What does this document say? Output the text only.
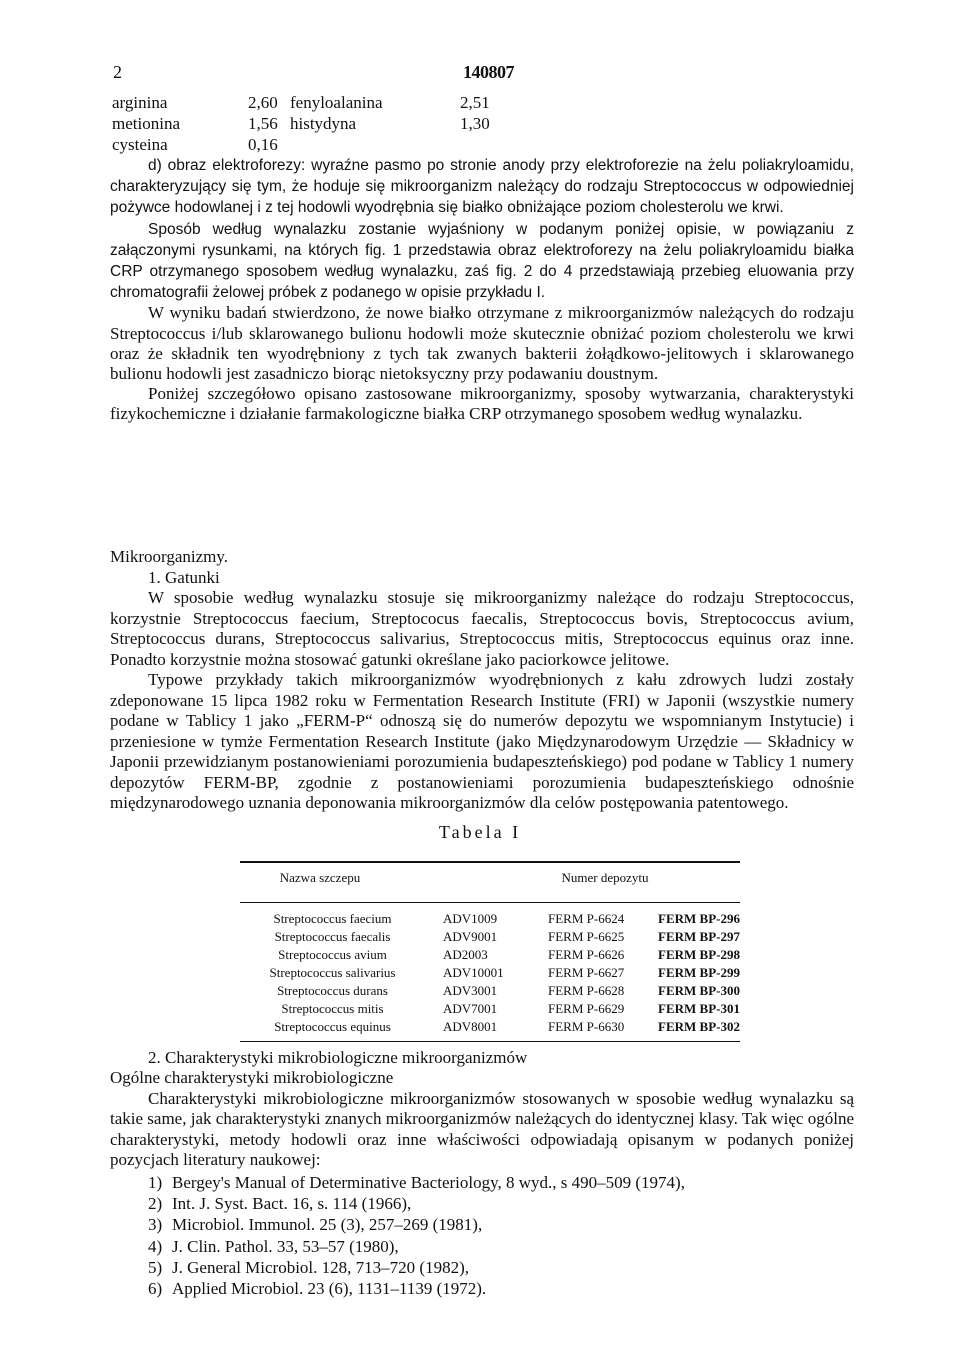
2	140807
arginina	2,60 fenyloalanina	2,51
metionina	1,56 histydyna	1,30
cysteina	0,16

d) obraz elektroforezy: wyraźne pasmo po stronie anody przy elektroforezie na żelu poliakryloamidu, charakteryzujący się tym, że hoduje się mikroorganizm należący do rodzaju Streptococcus w odpowiedniej pożywce hodowlanej i z tej hodowli wyodrębnia się białko obniżające poziom cholesterolu we krwi.

Sposób według wynalazku zostanie wyjaśniony w podanym poniżej opisie, w powiązaniu z załączonymi rysunkami, na których fig. 1 przedstawia obraz elektroforezy na żelu poliakryloamidu białka CRP otrzymanego sposobem według wynalazku, zaś fig. 2 do 4 przedstawiają przebieg eluowania przy chromatografii żelowej próbek z podanego w opisie przykładu I.

W wyniku badań stwierdzono, że nowe białko otrzymane z mikroorganizmów należących do rodzaju Streptococcus i/lub sklarowanego bulionu hodowli może skutecznie obniżać poziom cholesterolu we krwi oraz że składnik ten wyodrębniony z tych tak zwanych bakterii żołądkowo-jelitowych i sklarowanego bulionu hodowli jest zasadniczo biorąc nietoksyczny przy podawaniu doustnym.

Poniżej szczegółowo opisano zastosowane mikroorganizmy, sposoby wytwarzania, charakterystyki fizykochemiczne i działanie farmakologiczne białka CRP otrzymanego sposobem według wynalazku.

Mikroorganizmy.

1. Gatunki

W sposobie według wynalazku stosuje się mikroorganizmy należące do rodzaju Streptococcus, korzystnie Streptococcus faecium, Streptococus faecalis, Streptococcus bovis, Streptococcus avium, Streptococcus durans, Streptococcus salivarius, Streptococcus mitis, Streptococcus equinus oraz inne. Ponadto korzystnie można stosować gatunki określane jako paciorkowce jelitowe.

Typowe przykłady takich mikroorganizmów wyodrębnionych z kału zdrowych ludzi zostały zdeponowane 15 lipca 1982 roku w Fermentation Research Institute (FRI) w Japonii (wszystkie numery podane w Tablicy 1 jako „FERM-P“ odnoszą się do numerów depozytu we wspomnianym Instytucie) i przeniesione w tymże Fermentation Research Institute (jako Międzynarodowym Urzędzie — Składnicy w Japonii przewidzianym postanowieniami porozumienia budapeszteńskiego) pod podane w Tablicy 1 numery depozytów FERM-BP, zgodnie z postanowieniami porozumienia budapeszteńskiego odnośnie międzynarodowego uznania deponowania mikroorganizmów dla celów postępowania patentowego.

Tabela I
Nazwa szczepu	Numer depozytu
Streptococcus faecium	ADV1009	FERM P-6624	FERM BP-296
Streptococcus faecalis	ADV9001	FERM P-6625	FERM BP-297
Streptococcus avium	AD2003	FERM P-6626	FERM BP-298
Streptococcus salivarius	ADV10001	FERM P-6627	FERM BP-299
Streptococcus durans	ADV3001	FERM P-6628	FERM BP-300
Streptococcus mitis	ADV7001	FERM P-6629	FERM BP-301
Streptococcus equinus	ADV8001	FERM P-6630	FERM BP-302

2. Charakterystyki mikrobiologiczne mikroorganizmów

Ogólne charakterystyki mikrobiologiczne

Charakterystyki mikrobiologiczne mikroorganizmów stosowanych w sposobie według wynalazku są takie same, jak charakterystyki znanych mikroorganizmów należących do identycznej klasy. Tak więc ogólne charakterystyki, metody hodowli oraz inne właściwości odpowiadają opisanym w podanych poniżej pozycjach literatury naukowej:

1) Bergey's Manual of Determinative Bacteriology, 8 wyd., s 490–509 (1974),
2) Int. J. Syst. Bact. 16, s. 114 (1966),
3) Microbiol. Immunol. 25 (3), 257–269 (1981),
4) J. Clin. Pathol. 33, 53–57 (1980),
5) J. General Microbiol. 128, 713–720 (1982),
6) Applied Microbiol. 23 (6), 1131–1139 (1972).
